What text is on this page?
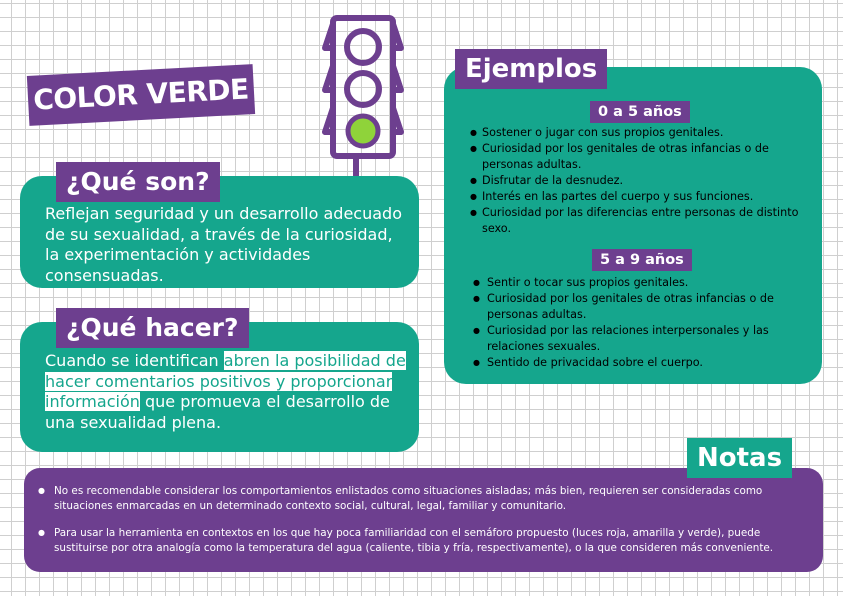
COLOR VERDE
¿Qué son?

Reflejan seguridad y un desarrollo adecuado de su sexualidad, a través de la curiosidad, la experimentación y actividades consensuadas.

¿Qué hacer?

Cuando se identifican abren la posibilidad de hacer comentarios positivos y proporcionar información que promueva el desarrollo de una sexualidad plena.

Ejemplos
0 a 5 años
● Sostener o jugar con sus propios genitales.
● Curiosidad por los genitales de otras infancias o de personas adultas.
● Disfrutar de la desnudez.
● Interés en las partes del cuerpo y sus funciones.
● Curiosidad por las diferencias entre personas de distinto sexo.
5 a 9 años
● Sentir o tocar sus propios genitales.
● Curiosidad por los genitales de otras infancias o de personas adultas.
● Curiosidad por las relaciones interpersonales y las relaciones sexuales.
● Sentido de privacidad sobre el cuerpo.
Notas

● No es recomendable considerar los comportamientos enlistados como situaciones aisladas; más bien, requieren ser consideradas como situaciones enmarcadas en un determinado contexto social, cultural, legal, familiar y comunitario.

● Para usar la herramienta en contextos en los que hay poca familiaridad con el semáforo propuesto (luces roja, amarilla y verde), puede sustituirse por otra analogía como la temperatura del agua (caliente, tibia y fría, respectivamente), o la que consideren más conveniente.
